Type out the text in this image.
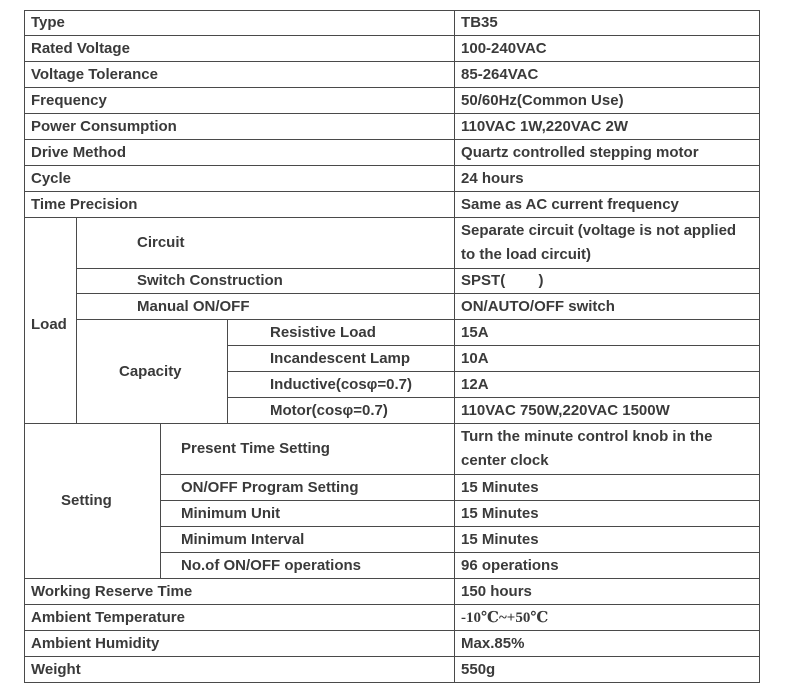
Type				TB35
Rated Voltage				100-240VAC
Voltage Tolerance				85-264VAC
Frequency				50/60Hz(Common Use)
Power Consumption				110VAC 1W,220VAC 2W
Drive Method				Quartz controlled stepping motor
Cycle				24 hours
Time Precision				Same as AC current frequency
Load	Circuit			Separate circuit (voltage is not applied to the load circuit)
	Switch Construction			SPST(        )
	Manual ON/OFF			ON/AUTO/OFF switch
	Capacity		Resistive Load	15A
			Incandescent Lamp	10A
			Inductive(cosφ=0.7)	12A
			Motor(cosφ=0.7)	110VAC 750W,220VAC 1500W
Setting		Present Time Setting		Turn the minute control knob in the center clock
		ON/OFF Program Setting		15 Minutes
		Minimum Unit		15 Minutes
		Minimum Interval		15 Minutes
		No.of ON/OFF operations		96 operations
Working Reserve Time				150 hours
Ambient Temperature				-10℃~+50℃
Ambient Humidity				Max.85%
Weight				550g
